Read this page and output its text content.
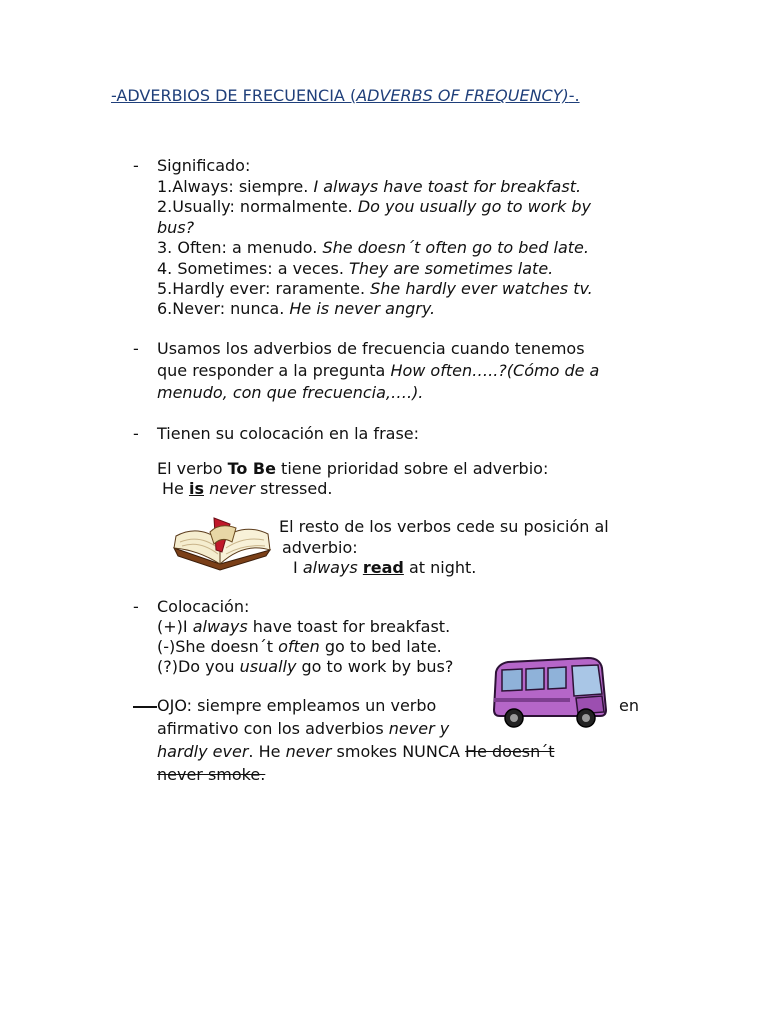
-ADVERBIOS DE FRECUENCIA (ADVERBS OF FREQUENCY)-.
- Significado:
1.Always: siempre. I always have toast for breakfast.
2.Usually: normalmente. Do you usually go to work by
bus?
3. Often: a menudo. She doesn´t often go to bed late.
4. Sometimes: a veces. They are sometimes late.
5.Hardly ever: raramente. She hardly ever watches tv.
6.Never: nunca. He is never angry.
- Usamos los adverbios de frecuencia cuando tenemos
que responder a la pregunta How often…..?(Cómo de a
menudo, con que frecuencia,….).
- Tienen su colocación en la frase:
El verbo To Be tiene prioridad sobre el adverbio:
He is never stressed.
El resto de los verbos cede su posición al
adverbio:
I always read at night.
- Colocación:
(+)I always have toast for breakfast.
(-)She doesn´t often go to bed late.
(?)Do you usually go to work by bus?
OJO: siempre empleamos un verbo	en
afirmativo con los adverbios never y
hardly ever. He never smokes NUNCA He doesn´t
never smoke.
